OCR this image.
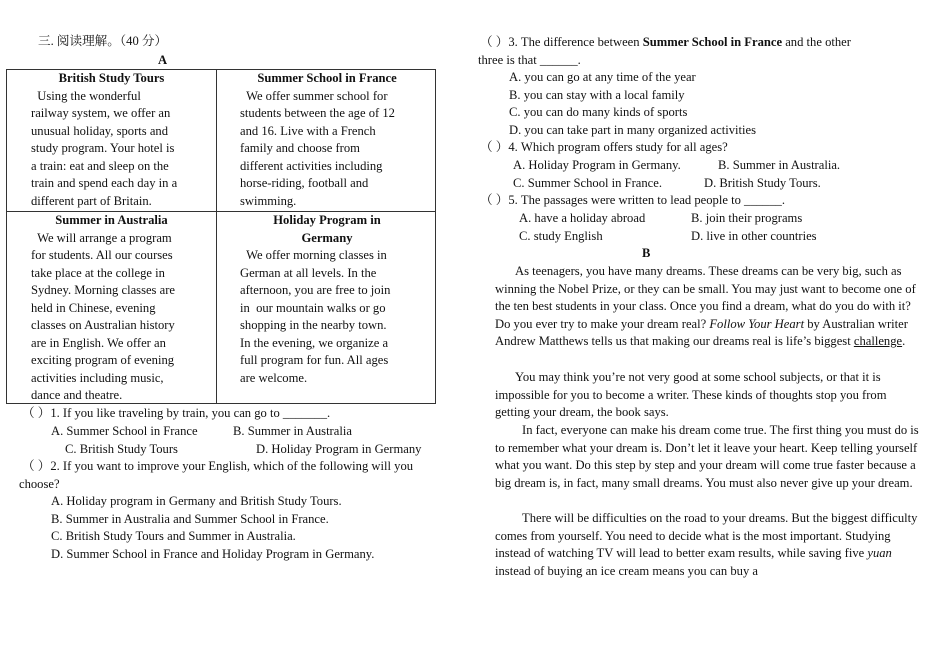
三. 阅读理解。（40 分）
A
British Study Tours
Using the wonderful
railway system, we offer an
unusual holiday, sports and
study program. Your hotel is
a train: eat and sleep on the
train and spend each day in a
different part of Britain.
Summer School in France
We offer summer school for
students between the age of 12
and 16. Live with a French
family and choose from
different activities including
horse-riding, football and
swimming.
Summer in Australia
We will arrange a program
for students. All our courses
take place at the college in
Sydney. Morning classes are
held in Chinese, evening
classes on Australian history
are in English. We offer an
exciting program of evening
activities including music,
dance and theatre.
Holiday Program in
Germany
We offer morning classes in
German at all levels. In the
afternoon, you are free to join
in  our mountain walks or go
shopping in the nearby town.
In the evening, we organize a
full program for fun. All ages
are welcome.
（ ）1. If you like traveling by train, you can go to _______.
A. Summer School in France	B. Summer in Australia
C. British Study Tours	D. Holiday Program in Germany
（ ）2. If you want to improve your English, which of the following will you
choose?
A. Holiday program in Germany and British Study Tours.
B. Summer in Australia and Summer School in France.
C. British Study Tours and Summer in Australia.
D. Summer School in France and Holiday Program in Germany.
（ ）3. The difference between Summer School in France and the other
three is that ______.
A. you can go at any time of the year
B. you can stay with a local family
C. you can do many kinds of sports
D. you can take part in many organized activities
（ ）4. Which program offers study for all ages?
A. Holiday Program in Germany.	B. Summer in Australia.
C. Summer School in France.	D. British Study Tours.
（ ）5. The passages were written to lead people to ______.
A. have a holiday abroad	B. join their programs
C. study English	D. live in other countries
B
As teenagers, you have many dreams. These dreams can be very big, such as winning the Nobel Prize, or they can be small. You may just want to become one of the ten best students in your class. Once you find a dream, what do you do with it? Do you ever try to make your dream real? Follow Your Heart by Australian writer Andrew Matthews tells us that making our dreams real is life’s biggest challenge.
You may think you’re not very good at some school subjects, or that it is impossible for you to become a writer. These kinds of thoughts stop you from getting your dream, the book says.
In fact, everyone can make his dream come true. The first thing you must do is to remember what your dream is. Don’t let it leave your heart. Keep telling yourself what you want. Do this step by step and your dream will come true faster because a big dream is, in fact, many small dreams. You must also never give up your dream.
There will be difficulties on the road to your dreams. But the biggest difficulty comes from yourself. You need to decide what is the most important. Studying instead of watching TV will lead to better exam results, while saving five yuan instead of buying an ice cream means you can buy a
